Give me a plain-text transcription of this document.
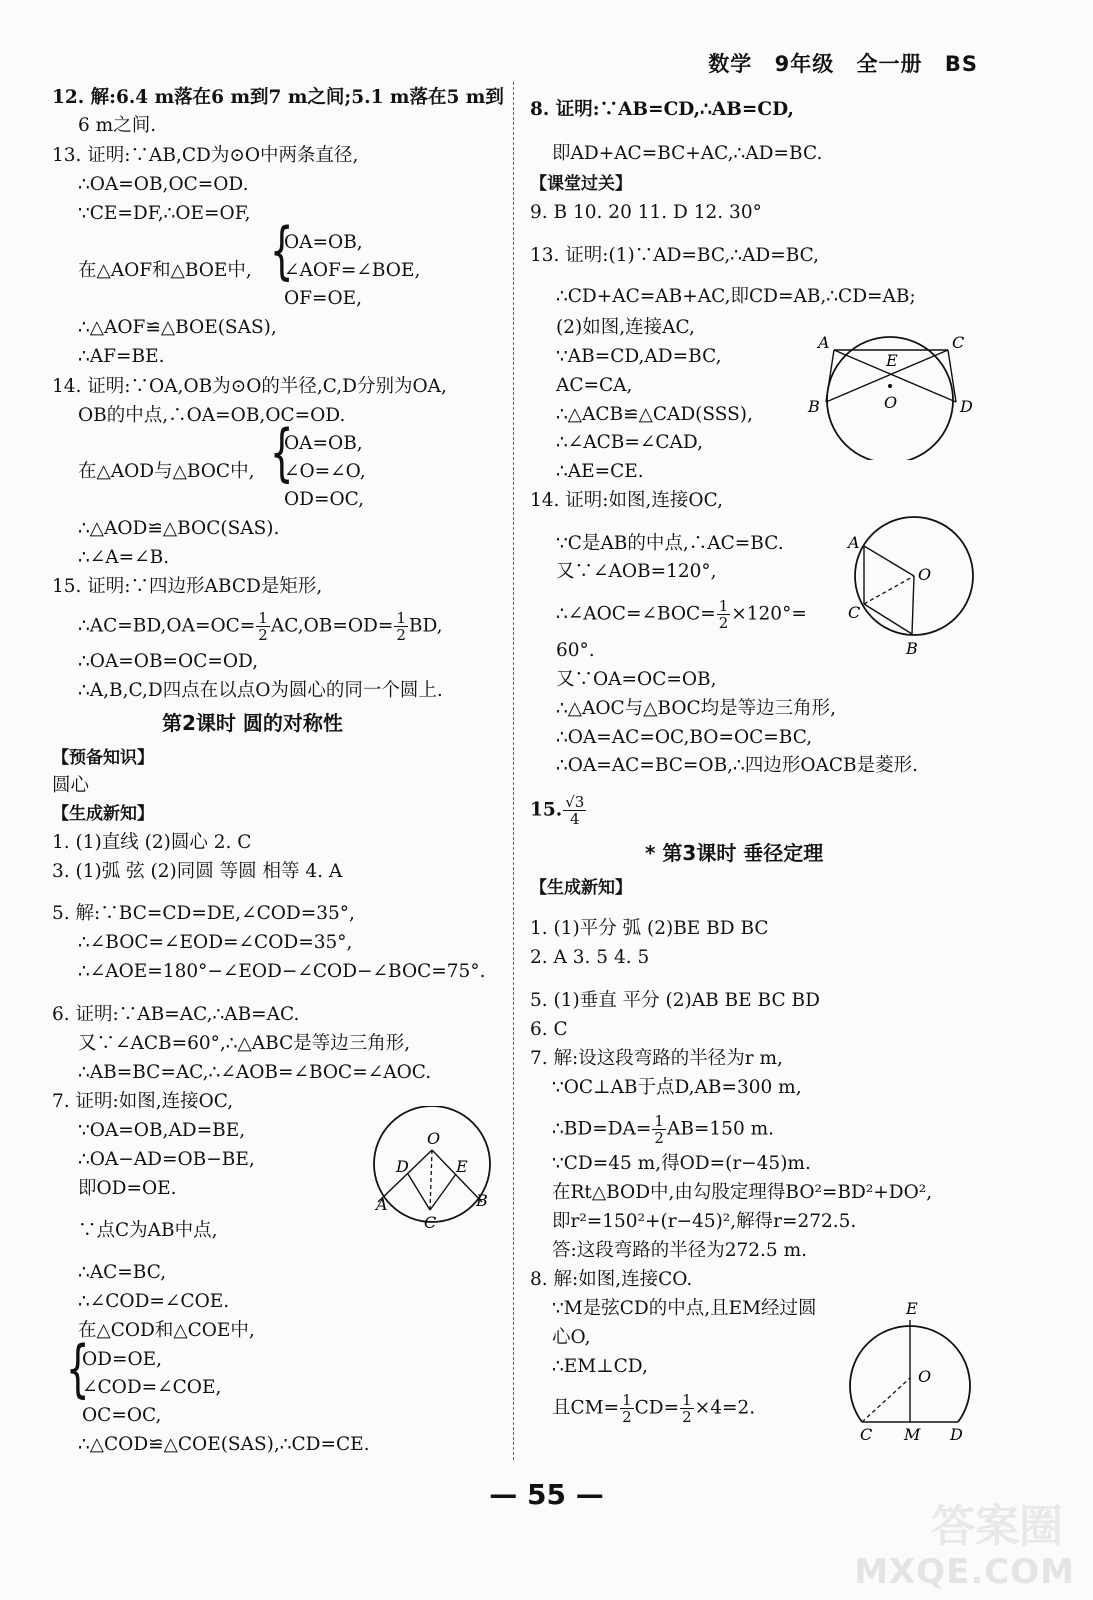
数学 9年级 全一册 BS
12. 解:6.4 m落在6 m到7 m之间;5.1 m落在5 m到
6 m之间.
13. 证明:∵AB,CD为⊙O中两条直径,
∴OA=OB,OC=OD.
∵CE=DF,∴OE=OF,
{
OA=OB,
在△AOF和△BOE中, ∠AOF=∠BOE,
OF=OE,
∴△AOF≌△BOE(SAS),
∴AF=BE.
14. 证明:∵OA,OB为⊙O的半径,C,D分别为OA,
OB的中点,∴OA=OB,OC=OD.
{
OA=OB,
在△AOD与△BOC中, ∠O=∠O,
OD=OC,
∴△AOD≌△BOC(SAS).
∴∠A=∠B.
15. 证明:∵四边形ABCD是矩形,
∴AC=BD,OA=OC= $\frac{1}{2} AC,OB=OD= \frac{1}{2}$ BD,
∴OA=OB=OC=OD,
∴A,B,C,D四点在以点O为圆心的同一个圆上.
第2课时 圆的对称性
【预备知识】
圆心
【生成新知】
1. (1)直线 (2)圆心 2. C
3. (1)弧 弦 (2)同圆 等圆 相等 4. A
5. 解:∵BC=CD=DE,∠COD=35°,
∴∠BOC=∠EOD=∠COD=35°,
∴∠AOE=180°−∠EOD−∠COD−∠BOC=75°.
6. 证明:∵AB=AC,∴AB=AC.
又∵∠ACB=60°,∴△ABC是等边三角形,
∴AB=BC=AC,∴∠AOB=∠BOC=∠AOC.
7. 证明:如图,连接OC,
∵OA=OB,AD=BE,
∴OA−AD=OB−BE,
即OD=OE.
∵点C为AB中点,
∴AC=BC,
∴∠COD=∠COE.
在△COD和△COE中,
{
OD=OE,
∠COD=∠COE,
OC=OC,
∴△COD≌△COE(SAS),∴CD=CE.
O
D	E
A	B
C
8. 证明:∵AB=CD,∴AB=CD,
即AD+AC=BC+AC,∴AD=BC.
【课堂过关】
9. B 10. 20 11. D 12. 30°
13. 证明:(1)∵AD=BC,∴AD=BC,
∴CD+AC=AB+AC,即CD=AB,∴CD=AB;
(2)如图,连接AC,
∵AB=CD,AD=BC,
AC=CA,
∴△ACB≌△CAD(SSS),
∴∠ACB=∠CAD,
∴AE=CE.
14. 证明:如图,连接OC,
∵C是AB的中点,∴AC=BC.
又∵∠AOB=120°,
∴∠AOC=∠BOC= $\frac{1}{2} \times 120^\circ=$
60°.
又∵OA=OC=OB,
∴△AOC与△BOC均是等边三角形,
∴OA=AC=OC,BO=OC=BC,
∴OA=AC=BC=OB,∴四边形OACB是菱形.
15. $\frac{√3}{4}$
* 第3课时 垂径定理
【生成新知】
1. (1)平分 弧 (2)BE BD BC
2. A 3. 5 4. 5
5. (1)垂直 平分 (2)AB BE BC BD
6. C
7. 解:设这段弯路的半径为r m,
∵OC⊥AB于点D,AB=300 m,
∴BD=DA= $\frac{1}{2} AB=150$ m.
∵CD=45 m,得OD=(r−45)m.
在Rt△BOD中,由勾股定理得BO²=BD²+DO²,
即r²=150²+(r−45)²,解得r=272.5.
答:这段弯路的半径为272.5 m.
8. 解:如图,连接CO.
∵M是弦CD的中点,且EM经过圆
心O,
∴EM⊥CD,
且$CM= \frac{1}{2} CD= \frac{1}{2} \times 4=2$.
A	C
E
O
B	D
A
O
C
B
E
O
C M D
— 55 —
答案圈
MXQE.COM
